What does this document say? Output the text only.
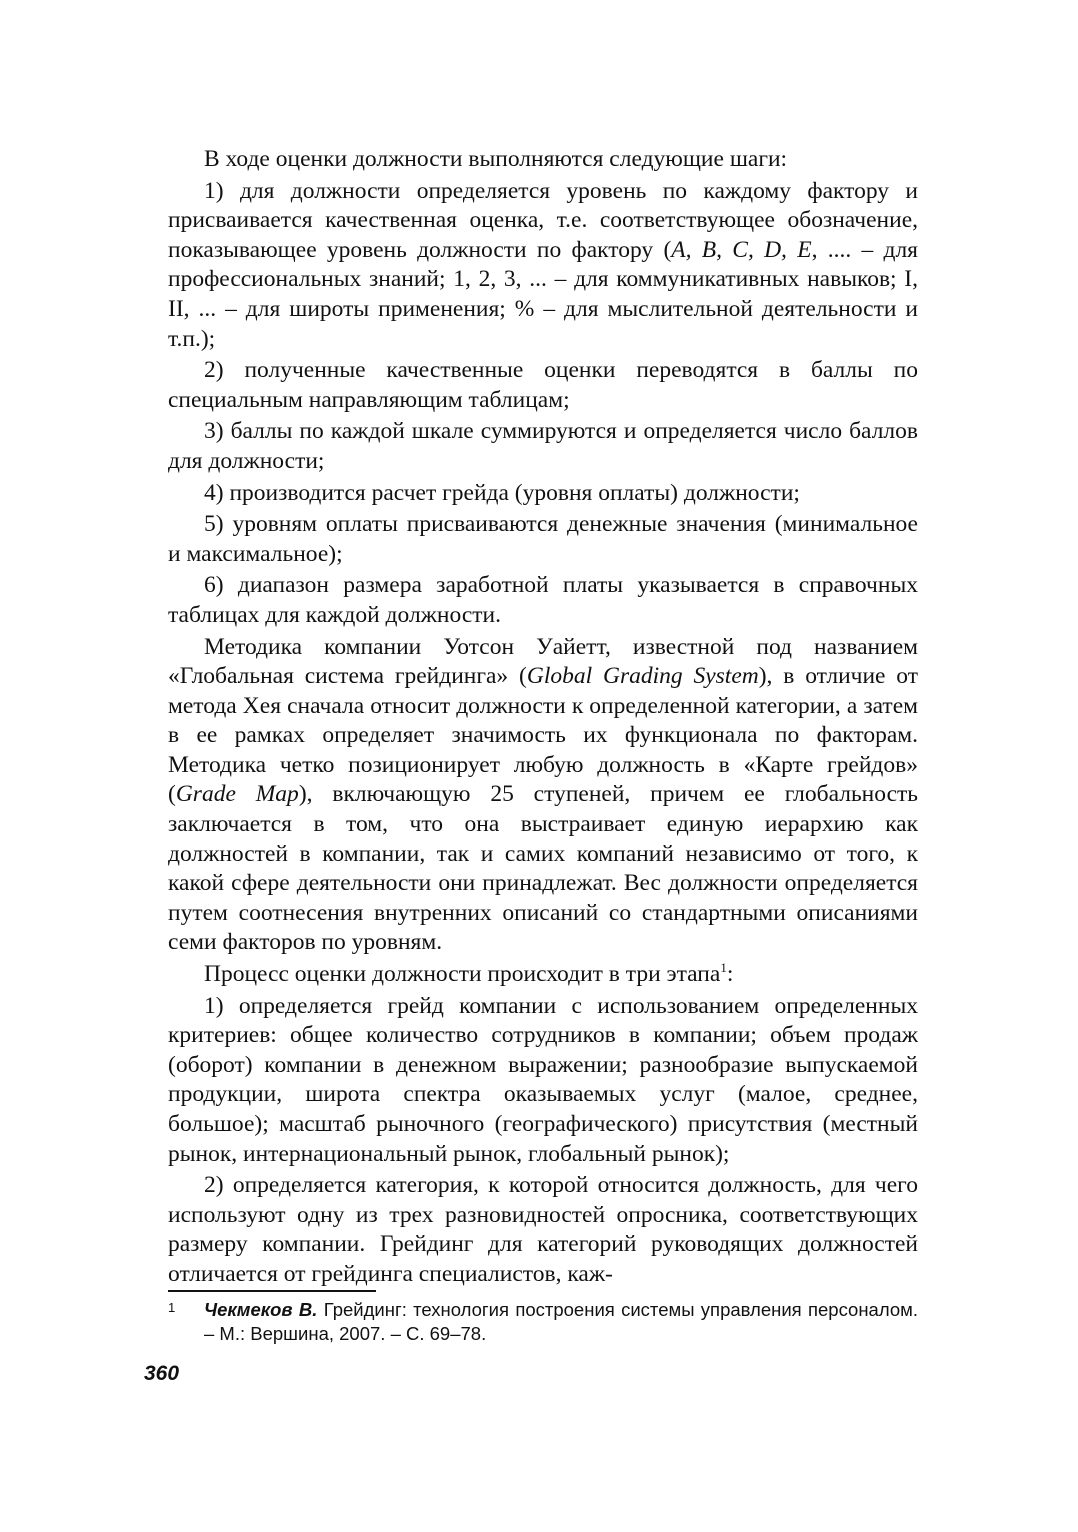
В ходе оценки должности выполняются следующие шаги:

1) для должности определяется уровень по каждому фактору и присваивается качественная оценка, т.е. соответствующее обозначение, показывающее уровень должности по фактору (A, B, C, D, E, .... – для профессиональных знаний; 1, 2, 3, ... – для коммуникативных навыков; I, II, ... – для широты применения; % – для мыслительной деятельности и т.п.);

2) полученные качественные оценки переводятся в баллы по специальным направляющим таблицам;

3) баллы по каждой шкале суммируются и определяется число баллов для должности;

4) производится расчет грейда (уровня оплаты) должности;

5) уровням оплаты присваиваются денежные значения (минимальное и максимальное);

6) диапазон размера заработной платы указывается в справочных таблицах для каждой должности.

Методика компании Уотсон Уайетт, известной под названием «Глобальная система грейдинга» (Global Grading System), в отличие от метода Хея сначала относит должности к определенной категории, а затем в ее рамках определяет значимость их функционала по факторам. Методика четко позиционирует любую должность в «Карте грейдов» (Grade Map), включающую 25 ступеней, причем ее глобальность заключается в том, что она выстраивает единую иерархию как должностей в компании, так и самих компаний независимо от того, к какой сфере деятельности они принадлежат. Вес должности определяется путем соотнесения внутренних описаний со стандартными описаниями семи факторов по уровням.

Процесс оценки должности происходит в три этапа$^1$:

1) определяется грейд компании с использованием определенных критериев: общее количество сотрудников в компании; объем продаж (оборот) компании в денежном выражении; разнообразие выпускаемой продукции, широта спектра оказываемых услуг (малое, среднее, большое); масштаб рыночного (географического) присутствия (местный рынок, интернациональный рынок, глобальный рынок);

2) определяется категория, к которой относится должность, для чего используют одну из трех разновидностей опросника, соответствующих размеру компании. Грейдинг для категорий руководящих должностей отличается от грейдинга специалистов, каж-

1 Чекмеков В. Грейдинг: технология построения системы управления персоналом. – М.: Вершина, 2007. – С. 69–78.
360
